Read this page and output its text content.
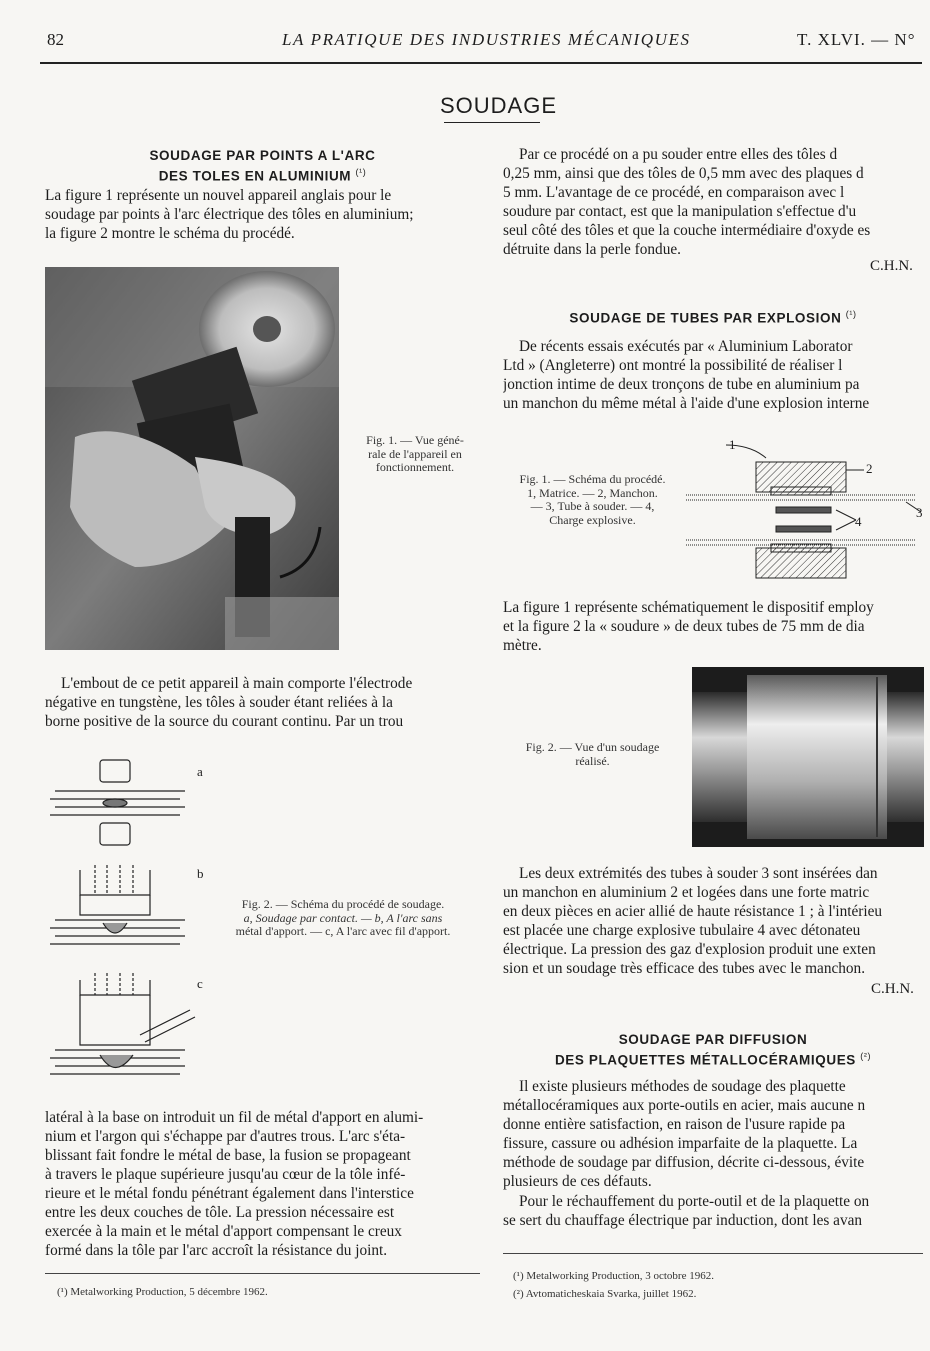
82	LA PRATIQUE DES INDUSTRIES MÉCANIQUES	T. XLVI. — N°
SOUDAGE
SOUDAGE PAR POINTS A L'ARC
DES TOLES EN ALUMINIUM $^{(^1)}$
La figure 1 représente un nouvel appareil anglais pour le
soudage par points à l'arc électrique des tôles en aluminium;
la figure 2 montre le schéma du procédé.
Fig. 1. — Vue géné-
rale de l'appareil en
fonctionnement.
L'embout de ce petit appareil à main comporte l'électrode
négative en tungstène, les tôles à souder étant reliées à la
borne positive de la source du courant continu. Par un trou
a
b
c
Fig. 2. — Schéma du procédé de soudage.
a, Soudage par contact. — b, A l'arc sans
métal d'apport. — c, A l'arc avec fil d'apport.
latéral à la base on introduit un fil de métal d'apport en alumi-
nium et l'argon qui s'échappe par d'autres trous. L'arc s'éta-
blissant fait fondre le métal de base, la fusion se propageant
à travers le plaque supérieure jusqu'au cœur de la tôle infé-
rieure et le métal fondu pénétrant également dans l'interstice
entre les deux couches de tôle. La pression nécessaire est
exercée à la main et le métal d'apport compensant le creux
formé dans la tôle par l'arc accroît la résistance du joint.
(¹) Metalworking Production, 5 décembre 1962.
Par ce procédé on a pu souder entre elles des tôles d
0,25 mm, ainsi que des tôles de 0,5 mm avec des plaques d
5 mm. L'avantage de ce procédé, en comparaison avec l
soudure par contact, est que la manipulation s'effectue d'u
seul côté des tôles et que la couche intermédiaire d'oxyde es
détruite dans la perle fondue.
C.H.N.
SOUDAGE DE TUBES PAR EXPLOSION $^{(^1)}$
De récents essais exécutés par « Aluminium Laborator
Ltd » (Angleterre) ont montré la possibilité de réaliser l
jonction intime de deux tronçons de tube en aluminium pa
un manchon du même métal à l'aide d'une explosion interne
Fig. 1. — Schéma du procédé.
1, Matrice. — 2, Manchon.
— 3, Tube à souder. — 4,
Charge explosive.
1
2
3
4
La figure 1 représente schématiquement le dispositif employ
et la figure 2 la « soudure » de deux tubes de 75 mm de dia
mètre.
Fig. 2. — Vue d'un soudage
réalisé.
Les deux extrémités des tubes à souder 3 sont insérées dan
un manchon en aluminium 2 et logées dans une forte matric
en deux pièces en acier allié de haute résistance 1 ; à l'intérieu
est placée une charge explosive tubulaire 4 avec détonateu
électrique. La pression des gaz d'explosion produit une exten
sion et un soudage très efficace des tubes avec le manchon.
C.H.N.
SOUDAGE PAR DIFFUSION
DES PLAQUETTES MÉTALLOCÉRAMIQUES $^{(^2)}$
Il existe plusieurs méthodes de soudage des plaquette
métallocéramiques aux porte-outils en acier, mais aucune n
donne entière satisfaction, en raison de l'usure rapide pa
fissure, cassure ou adhésion imparfaite de la plaquette. La
méthode de soudage par diffusion, décrite ci-dessous, évite
plusieurs de ces défauts.
Pour le réchauffement du porte-outil et de la plaquette on
se sert du chauffage électrique par induction, dont les avan
(¹) Metalworking Production, 3 octobre 1962.
(²) Avtomaticheskaia Svarka, juillet 1962.
